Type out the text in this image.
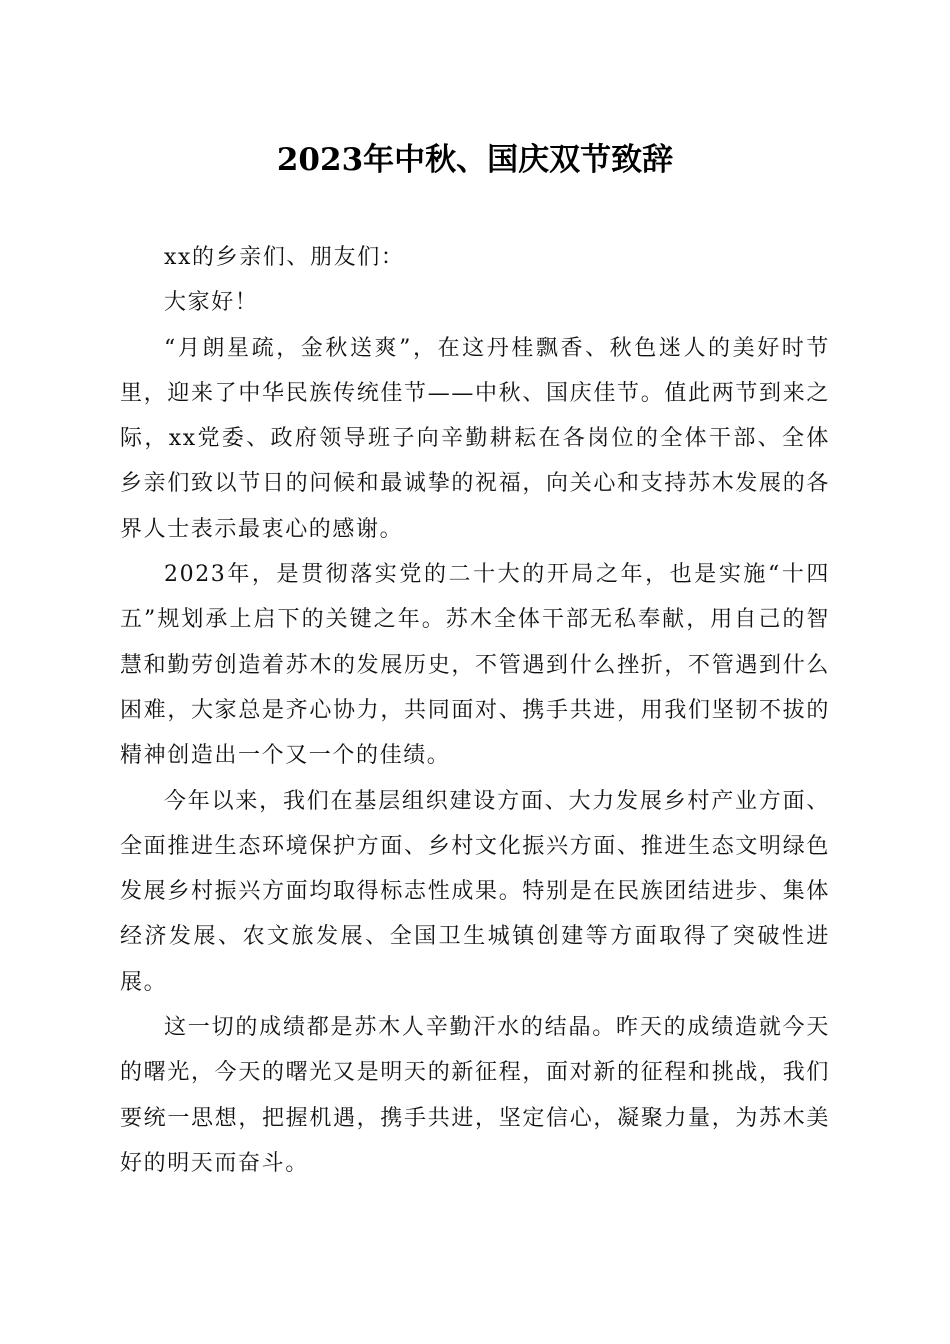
2023年中秋、国庆双节致辞

xx的乡亲们、朋友们：

大家好！

“月朗星疏，金秋送爽”，在这丹桂飘香、秋色迷人的美好时节里，迎来了中华民族传统佳节——中秋、国庆佳节。值此两节到来之际，xx党委、政府领导班子向辛勤耕耘在各岗位的全体干部、全体乡亲们致以节日的问候和最诚挚的祝福，向关心和支持苏木发展的各界人士表示最衷心的感谢。

2023年，是贯彻落实党的二十大的开局之年，也是实施“十四五”规划承上启下的关键之年。苏木全体干部无私奉献，用自己的智慧和勤劳创造着苏木的发展历史，不管遇到什么挫折，不管遇到什么困难，大家总是齐心协力，共同面对、携手共进，用我们坚韧不拔的精神创造出一个又一个的佳绩。

今年以来，我们在基层组织建设方面、大力发展乡村产业方面、全面推进生态环境保护方面、乡村文化振兴方面、推进生态文明绿色发展乡村振兴方面均取得标志性成果。特别是在民族团结进步、集体经济发展、农文旅发展、全国卫生城镇创建等方面取得了突破性进展。

这一切的成绩都是苏木人辛勤汗水的结晶。昨天的成绩造就今天的曙光，今天的曙光又是明天的新征程，面对新的征程和挑战，我们要统一思想，把握机遇，携手共进，坚定信心，凝聚力量，为苏木美好的明天而奋斗。
